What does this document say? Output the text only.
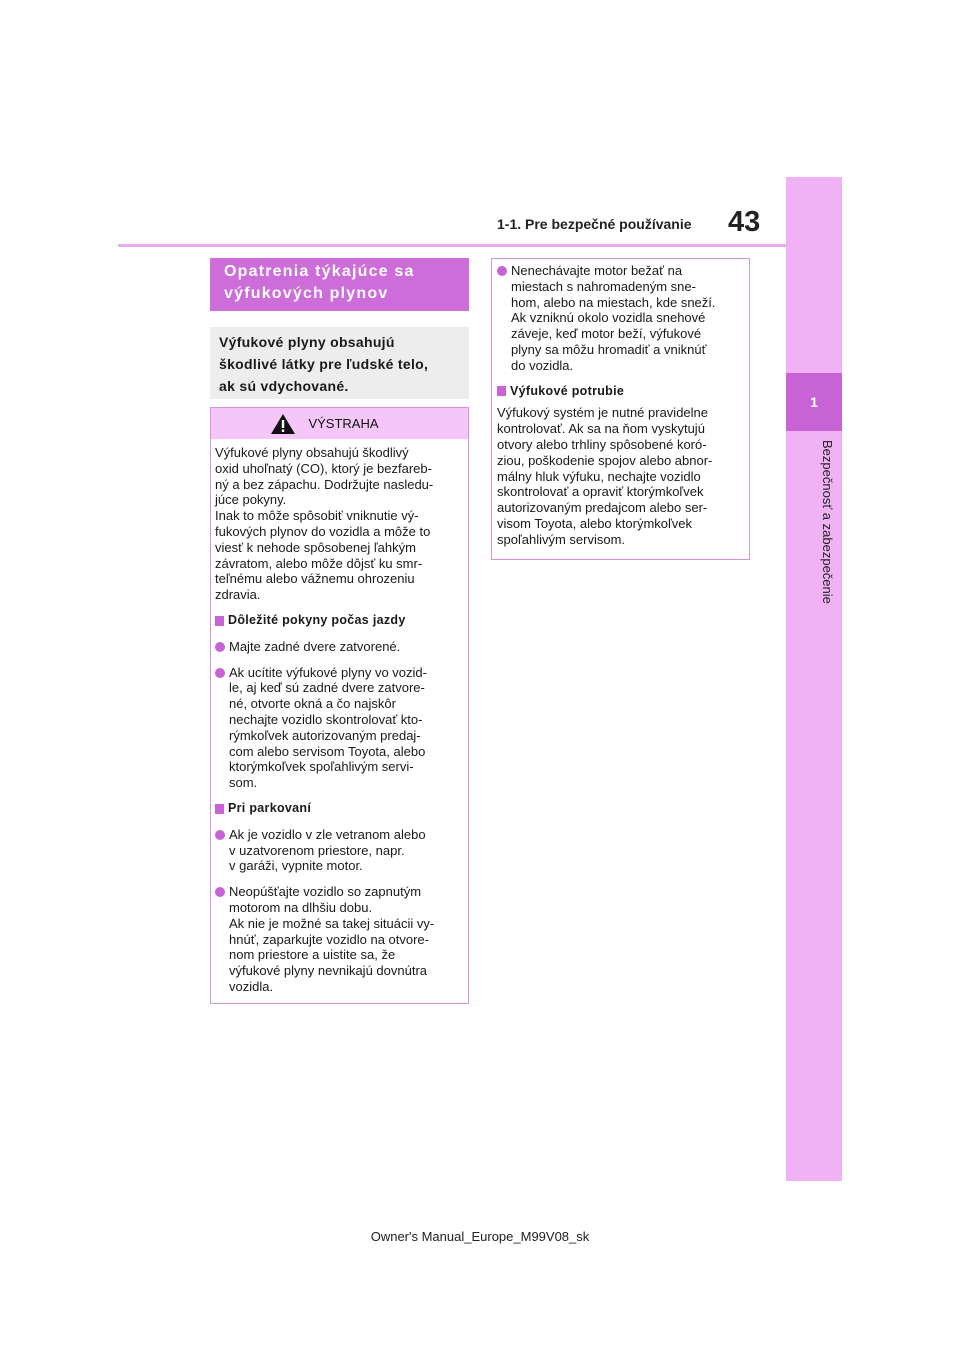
1-1. Pre bezpečné používanie 43
1
Bezpečnosť a zabezpečenie
Opatrenia týkajúce sa
výfukových plynov
Výfukové plyny obsahujú
škodlivé látky pre ľudské telo,
ak sú vdychované.
VÝSTRAHA
Výfukové plyny obsahujú škodlivý
oxid uhoľnatý (CO), ktorý je bezfareb-
ný a bez zápachu. Dodržujte nasledu-
júce pokyny.
Inak to môže spôsobiť vniknutie vý-
fukových plynov do vozidla a môže to
viesť k nehode spôsobenej ľahkým
závratom, alebo môže dôjsť ku smr-
teľnému alebo vážnemu ohrozeniu
zdravia.
Dôležité pokyny počas jazdy
Majte zadné dvere zatvorené.
Ak ucítite výfukové plyny vo vozid-
le, aj keď sú zadné dvere zatvore-
né, otvorte okná a čo najskôr
nechajte vozidlo skontrolovať kto-
rýmkoľvek autorizovaným predaj-
com alebo servisom Toyota, alebo
ktorýmkoľvek spoľahlivým servi-
som.
Pri parkovaní
Ak je vozidlo v zle vetranom alebo
v uzatvorenom priestore, napr.
v garáži, vypnite motor.
Neopúšťajte vozidlo so zapnutým
motorom na dlhšiu dobu.
Ak nie je možné sa takej situácii vy-
hnúť, zaparkujte vozidlo na otvore-
nom priestore a uistite sa, že
výfukové plyny nevnikajú dovnútra
vozidla.
Nenechávajte motor bežať na
miestach s nahromadeným sne-
hom, alebo na miestach, kde sneží.
Ak vzniknú okolo vozidla snehové
záveje, keď motor beží, výfukové
plyny sa môžu hromadiť a vniknúť
do vozidla.
Výfukové potrubie
Výfukový systém je nutné pravidelne
kontrolovať. Ak sa na ňom vyskytujú
otvory alebo trhliny spôsobené koró-
ziou, poškodenie spojov alebo abnor-
málny hluk výfuku, nechajte vozidlo
skontrolovať a opraviť ktorýmkoľvek
autorizovaným predajcom alebo ser-
visom Toyota, alebo ktorýmkoľvek
spoľahlivým servisom.
Owner's Manual_Europe_M99V08_sk
